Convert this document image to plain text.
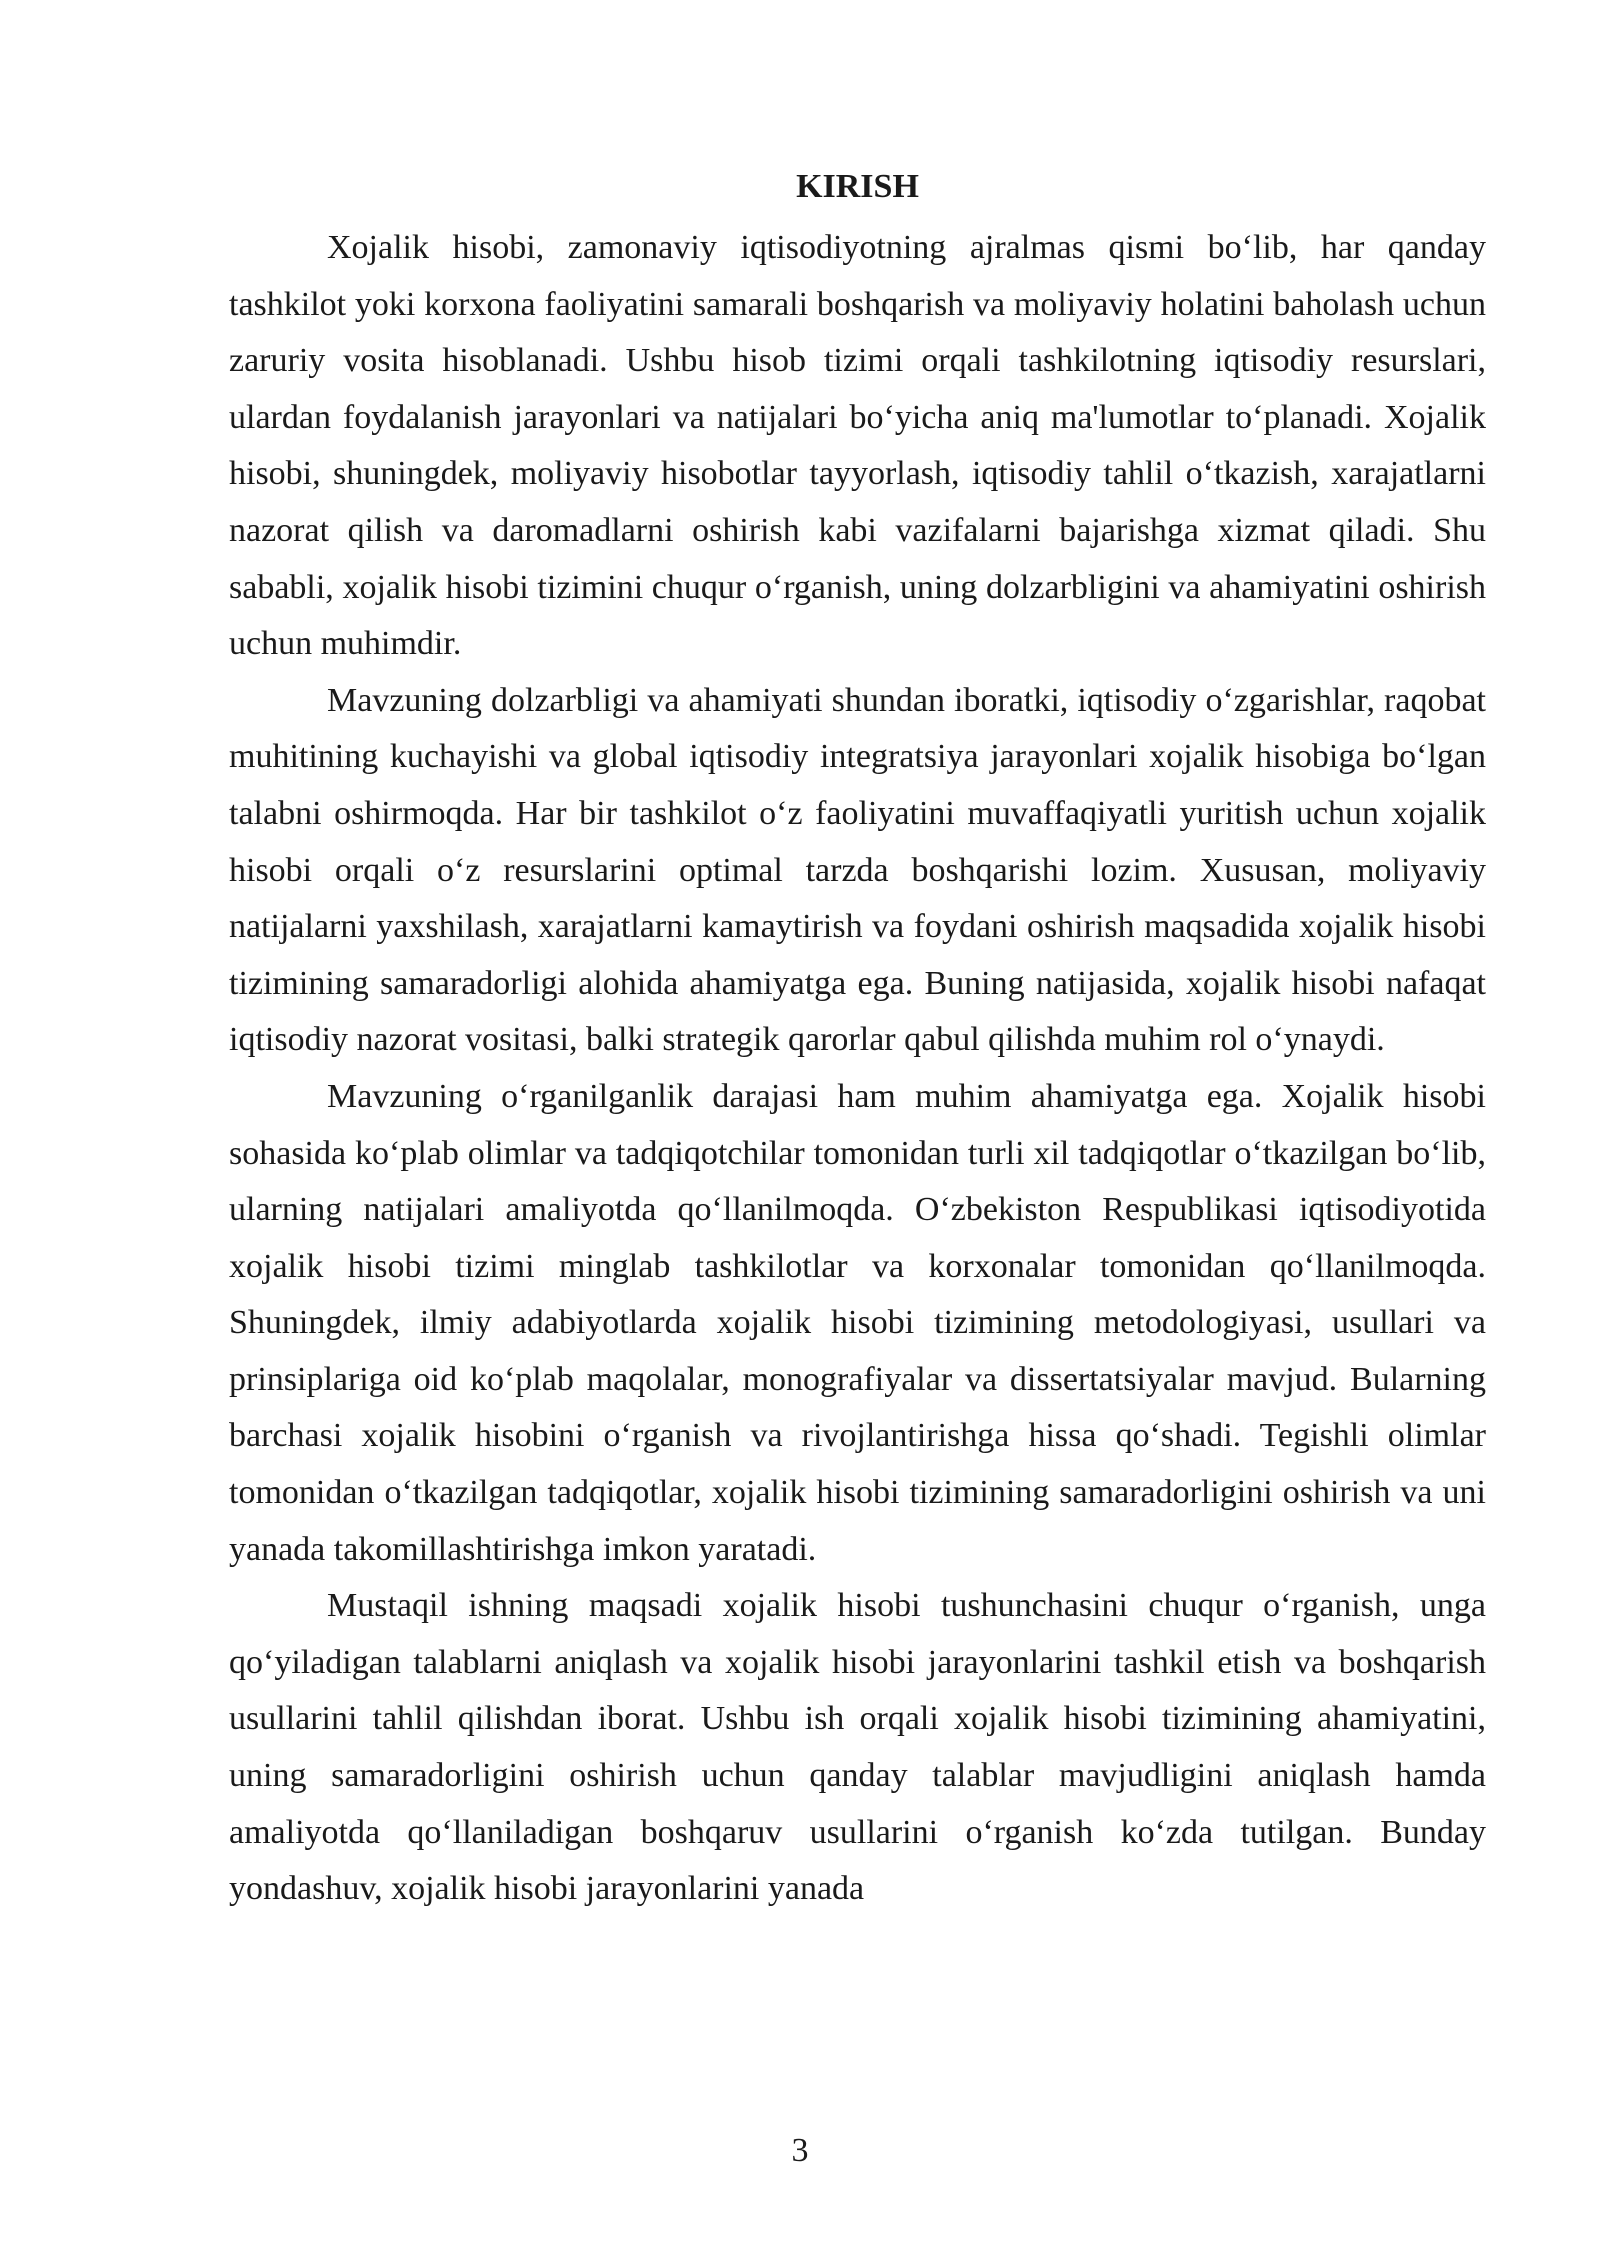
KIRISH

Xojalik hisobi, zamonaviy iqtisodiyotning ajralmas qismi bo‘lib, har qanday tashkilot yoki korxona faoliyatini samarali boshqarish va moliyaviy holatini baholash uchun zaruriy vosita hisoblanadi. Ushbu hisob tizimi orqali tashkilotning iqtisodiy resurslari, ulardan foydalanish jarayonlari va natijalari bo‘yicha aniq ma'lumotlar to‘planadi. Xojalik hisobi, shuningdek, moliyaviy hisobotlar tayyorlash, iqtisodiy tahlil o‘tkazish, xarajatlarni nazorat qilish va daromadlarni oshirish kabi vazifalarni bajarishga xizmat qiladi. Shu sababli, xojalik hisobi tizimini chuqur o‘rganish, uning dolzarbligini va ahamiyatini oshirish uchun muhimdir.

Mavzuning dolzarbligi va ahamiyati shundan iboratki, iqtisodiy o‘zgarishlar, raqobat muhitining kuchayishi va global iqtisodiy integratsiya jarayonlari xojalik hisobiga bo‘lgan talabni oshirmoqda. Har bir tashkilot o‘z faoliyatini muvaffaqiyatli yuritish uchun xojalik hisobi orqali o‘z resurslarini optimal tarzda boshqarishi lozim. Xususan, moliyaviy natijalarni yaxshilash, xarajatlarni kamaytirish va foydani oshirish maqsadida xojalik hisobi tizimining samaradorligi alohida ahamiyatga ega. Buning natijasida, xojalik hisobi nafaqat iqtisodiy nazorat vositasi, balki strategik qarorlar qabul qilishda muhim rol o‘ynaydi.

Mavzuning o‘rganilganlik darajasi ham muhim ahamiyatga ega. Xojalik hisobi sohasida ko‘plab olimlar va tadqiqotchilar tomonidan turli xil tadqiqotlar o‘tkazilgan bo‘lib, ularning natijalari amaliyotda qo‘llanilmoqda. O‘zbekiston Respublikasi iqtisodiyotida xojalik hisobi tizimi minglab tashkilotlar va korxonalar tomonidan qo‘llanilmoqda. Shuningdek, ilmiy adabiyotlarda xojalik hisobi tizimining metodologiyasi, usullari va prinsiplariga oid ko‘plab maqolalar, monografiyalar va dissertatsiyalar mavjud. Bularning barchasi xojalik hisobini o‘rganish va rivojlantirishga hissa qo‘shadi. Tegishli olimlar tomonidan o‘tkazilgan tadqiqotlar, xojalik hisobi tizimining samaradorligini oshirish va uni yanada takomillashtirishga imkon yaratadi.

Mustaqil ishning maqsadi xojalik hisobi tushunchasini chuqur o‘rganish, unga qo‘yiladigan talablarni aniqlash va xojalik hisobi jarayonlarini tashkil etish va boshqarish usullarini tahlil qilishdan iborat. Ushbu ish orqali xojalik hisobi tizimining ahamiyatini, uning samaradorligini oshirish uchun qanday talablar mavjudligini aniqlash hamda amaliyotda qo‘llaniladigan boshqaruv usullarini o‘rganish ko‘zda tutilgan. Bunday yondashuv, xojalik hisobi jarayonlarini yanada

3
